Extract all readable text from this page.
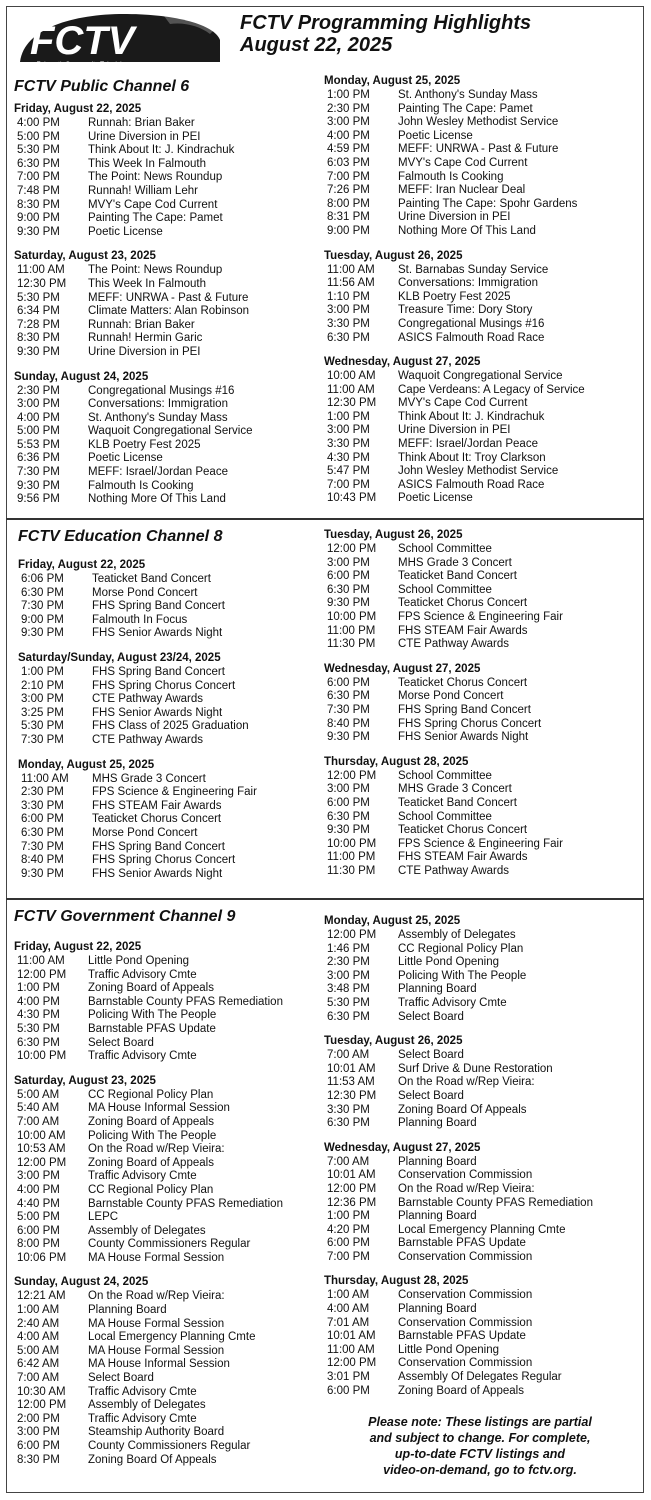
FCTV
Falmouth Community Television
FCTV Programming Highlights
August 22, 2025
FCTV Public Channel 6
Friday, August 22, 2025
4:00 PM	Runnah: Brian Baker
5:00 PM	Urine Diversion in PEI
5:30 PM	Think About It: J. Kindrachuk
6:30 PM	This Week In Falmouth
7:00 PM	The Point: News Roundup
7:48 PM	Runnah! William Lehr
8:30 PM	MVY's Cape Cod Current
9:00 PM	Painting The Cape: Pamet
9:30 PM	Poetic License
Saturday, August 23, 2025
11:00 AM	The Point: News Roundup
12:30 PM	This Week In Falmouth
5:30 PM	MEFF: UNRWA - Past & Future
6:34 PM	Climate Matters: Alan Robinson
7:28 PM	Runnah: Brian Baker
8:30 PM	Runnah! Hermin Garic
9:30 PM	Urine Diversion in PEI
Sunday, August 24, 2025
2:30 PM	Congregational Musings #16
3:00 PM	Conversations: Immigration
4:00 PM	St. Anthony's Sunday Mass
5:00 PM	Waquoit Congregational Service
5:53 PM	KLB Poetry Fest 2025
6:36 PM	Poetic License
7:30 PM	MEFF: Israel/Jordan Peace
9:30 PM	Falmouth Is Cooking
9:56 PM	Nothing More Of This Land
Monday, August 25, 2025
1:00 PM	St. Anthony's Sunday Mass
2:30 PM	Painting The Cape: Pamet
3:00 PM	John Wesley Methodist Service
4:00 PM	Poetic License
4:59 PM	MEFF: UNRWA - Past & Future
6:03 PM	MVY's Cape Cod Current
7:00 PM	Falmouth Is Cooking
7:26 PM	MEFF: Iran Nuclear Deal
8:00 PM	Painting The Cape: Spohr Gardens
8:31 PM	Urine Diversion in PEI
9:00 PM	Nothing More Of This Land
Tuesday, August 26, 2025
11:00 AM	St. Barnabas Sunday Service
11:56 AM	Conversations: Immigration
1:10 PM	KLB Poetry Fest 2025
3:00 PM	Treasure Time: Dory Story
3:30 PM	Congregational Musings #16
6:30 PM	ASICS Falmouth Road Race
Wednesday, August 27, 2025
10:00 AM	Waquoit Congregational Service
11:00 AM	Cape Verdeans: A Legacy of Service
12:30 PM	MVY's Cape Cod Current
1:00 PM	Think About It: J. Kindrachuk
3:00 PM	Urine Diversion in PEI
3:30 PM	MEFF: Israel/Jordan Peace
4:30 PM	Think About It: Troy Clarkson
5:47 PM	John Wesley Methodist Service
7:00 PM	ASICS Falmouth Road Race
10:43 PM	Poetic License
FCTV Education Channel 8
Friday, August 22, 2025
6:06 PM	Teaticket Band Concert
6:30 PM	Morse Pond Concert
7:30 PM	FHS Spring Band Concert
9:00 PM	Falmouth In Focus
9:30 PM	FHS Senior Awards Night
Saturday/Sunday, August 23/24, 2025
1:00 PM	FHS Spring Band Concert
2:10 PM	FHS Spring Chorus Concert
3:00 PM	CTE Pathway Awards
3:25 PM	FHS Senior Awards Night
5:30 PM	FHS Class of 2025 Graduation
7:30 PM	CTE Pathway Awards
Monday, August 25, 2025
11:00 AM	MHS Grade 3 Concert
2:30 PM	FPS Science & Engineering Fair
3:30 PM	FHS STEAM Fair Awards
6:00 PM	Teaticket Chorus Concert
6:30 PM	Morse Pond Concert
7:30 PM	FHS Spring Band Concert
8:40 PM	FHS Spring Chorus Concert
9:30 PM	FHS Senior Awards Night
Tuesday, August 26, 2025
12:00 PM	School Committee
3:00 PM	MHS Grade 3 Concert
6:00 PM	Teaticket Band Concert
6:30 PM	School Committee
9:30 PM	Teaticket Chorus Concert
10:00 PM	FPS Science & Engineering Fair
11:00 PM	FHS STEAM Fair Awards
11:30 PM	CTE Pathway Awards
Wednesday, August 27, 2025
6:00 PM	Teaticket Chorus Concert
6:30 PM	Morse Pond Concert
7:30 PM	FHS Spring Band Concert
8:40 PM	FHS Spring Chorus Concert
9:30 PM	FHS Senior Awards Night
Thursday, August 28, 2025
12:00 PM	School Committee
3:00 PM	MHS Grade 3 Concert
6:00 PM	Teaticket Band Concert
6:30 PM	School Committee
9:30 PM	Teaticket Chorus Concert
10:00 PM	FPS Science & Engineering Fair
11:00 PM	FHS STEAM Fair Awards
11:30 PM	CTE Pathway Awards
FCTV Government Channel 9
Friday, August 22, 2025
11:00 AM	Little Pond Opening
12:00 PM	Traffic Advisory Cmte
1:00 PM	Zoning Board of Appeals
4:00 PM	Barnstable County PFAS Remediation
4:30 PM	Policing With The People
5:30 PM	Barnstable PFAS Update
6:30 PM	Select Board
10:00 PM	Traffic Advisory Cmte
Saturday, August 23, 2025
5:00 AM	CC Regional Policy Plan
5:40 AM	MA House Informal Session
7:00 AM	Zoning Board of Appeals
10:00 AM	Policing With The People
10:53 AM	On the Road w/Rep Vieira:
12:00 PM	Zoning Board of Appeals
3:00 PM	Traffic Advisory Cmte
4:00 PM	CC Regional Policy Plan
4:40 PM	Barnstable County PFAS Remediation
5:00 PM	LEPC
6:00 PM	Assembly of Delegates
8:00 PM	County Commissioners Regular
10:06 PM	MA House Formal Session
Sunday, August 24, 2025
12:21 AM	On the Road w/Rep Vieira:
1:00 AM	Planning Board
2:40 AM	MA House Formal Session
4:00 AM	Local Emergency Planning Cmte
5:00 AM	MA House Formal Session
6:42 AM	MA House Informal Session
7:00 AM	Select Board
10:30 AM	Traffic Advisory Cmte
12:00 PM	Assembly of Delegates
2:00 PM	Traffic Advisory Cmte
3:00 PM	Steamship Authority Board
6:00 PM	County Commissioners Regular
8:30 PM	Zoning Board Of Appeals
Monday, August 25, 2025
12:00 PM	Assembly of Delegates
1:46 PM	CC Regional Policy Plan
2:30 PM	Little Pond Opening
3:00 PM	Policing With The People
3:48 PM	Planning Board
5:30 PM	Traffic Advisory Cmte
6:30 PM	Select Board
Tuesday, August 26, 2025
7:00 AM	Select Board
10:01 AM	Surf Drive & Dune Restoration
11:53 AM	On the Road w/Rep Vieira:
12:30 PM	Select Board
3:30 PM	Zoning Board Of Appeals
6:30 PM	Planning Board
Wednesday, August 27, 2025
7:00 AM	Planning Board
10:01 AM	Conservation Commission
12:00 PM	On the Road w/Rep Vieira:
12:36 PM	Barnstable County PFAS Remediation
1:00 PM	Planning Board
4:20 PM	Local Emergency Planning Cmte
6:00 PM	Barnstable PFAS Update
7:00 PM	Conservation Commission
Thursday, August 28, 2025
1:00 AM	Conservation Commission
4:00 AM	Planning Board
7:01 AM	Conservation Commission
10:01 AM	Barnstable PFAS Update
11:00 AM	Little Pond Opening
12:00 PM	Conservation Commission
3:01 PM	Assembly Of Delegates Regular
6:00 PM	Zoning Board of Appeals
Please note: These listings are partial
and subject to change. For complete,
up-to-date FCTV listings and
video-on-demand, go to fctv.org.
